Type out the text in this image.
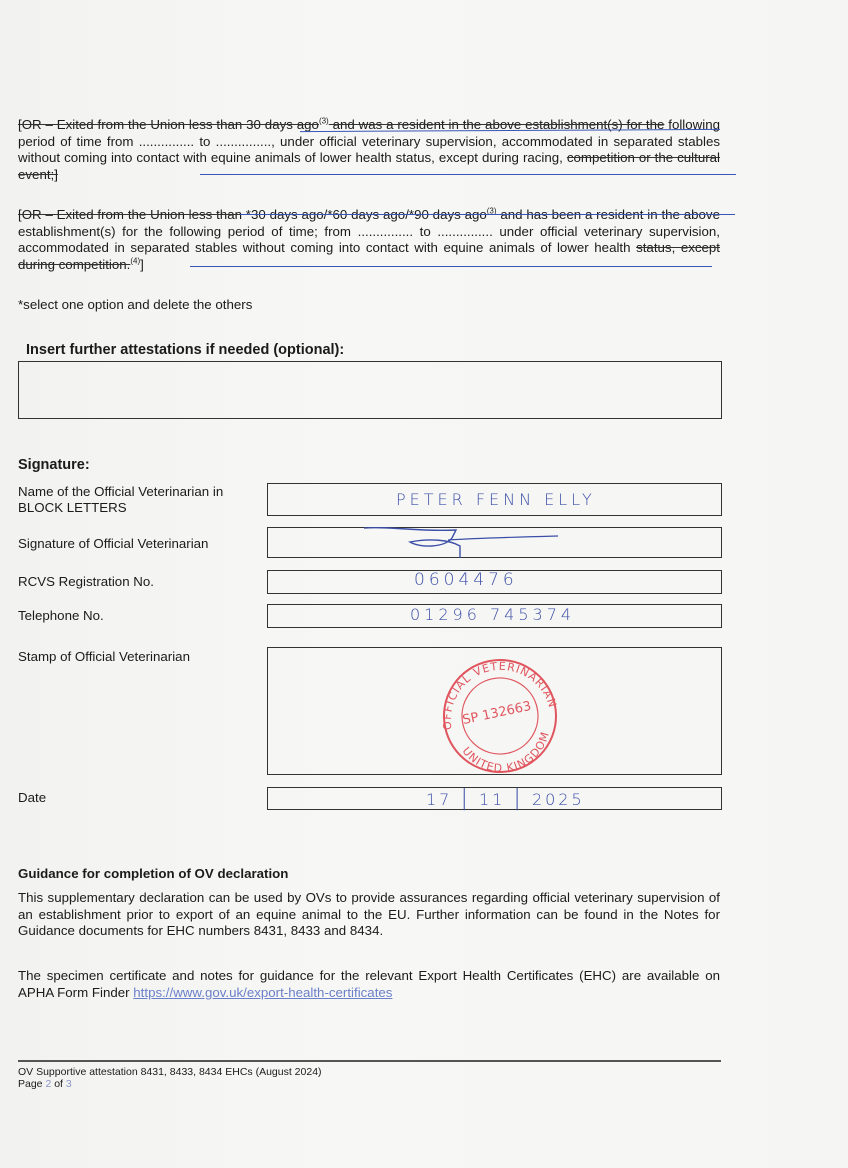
[OR – Exited from the Union less than 30 days ago$^{(3)}$ and was a resident in the above establishment(s) for the following period of time from ............... to ..............., under official veterinary supervision, accommodated in separated stables without coming into contact with equine animals of lower health status, except during racing, competition or the cultural event;]
[OR – Exited from the Union less than *30 days ago/*60 days ago/*90 days ago$^{(3)}$ and has been a resident in the above establishment(s) for the following period of time; from ............... to ............... under official veterinary supervision, accommodated in separated stables without coming into contact with equine animals of lower health status, except during competition.$^{(4)}$]
*select one option and delete the others
Insert further attestations if needed (optional):
Signature:
Name of the Official Veterinarian in BLOCK LETTERS	PETER FENN ELLY
Signature of Official Veterinarian
RCVS Registration No.	0604476
Telephone No.	01296 745374
Stamp of Official Veterinarian
OFFICIAL VETERINARIAN
UNITED KINGDOM
SP 132663
Date	17 | 11 | 2025
Guidance for completion of OV declaration
This supplementary declaration can be used by OVs to provide assurances regarding official veterinary supervision of an establishment prior to export of an equine animal to the EU. Further information can be found in the Notes for Guidance documents for EHC numbers 8431, 8433 and 8434.
The specimen certificate and notes for guidance for the relevant Export Health Certificates (EHC) are available on APHA Form Finder https://www.gov.uk/export-health-certificates
OV Supportive attestation 8431, 8433, 8434 EHCs (August 2024)
Page 2 of 3
